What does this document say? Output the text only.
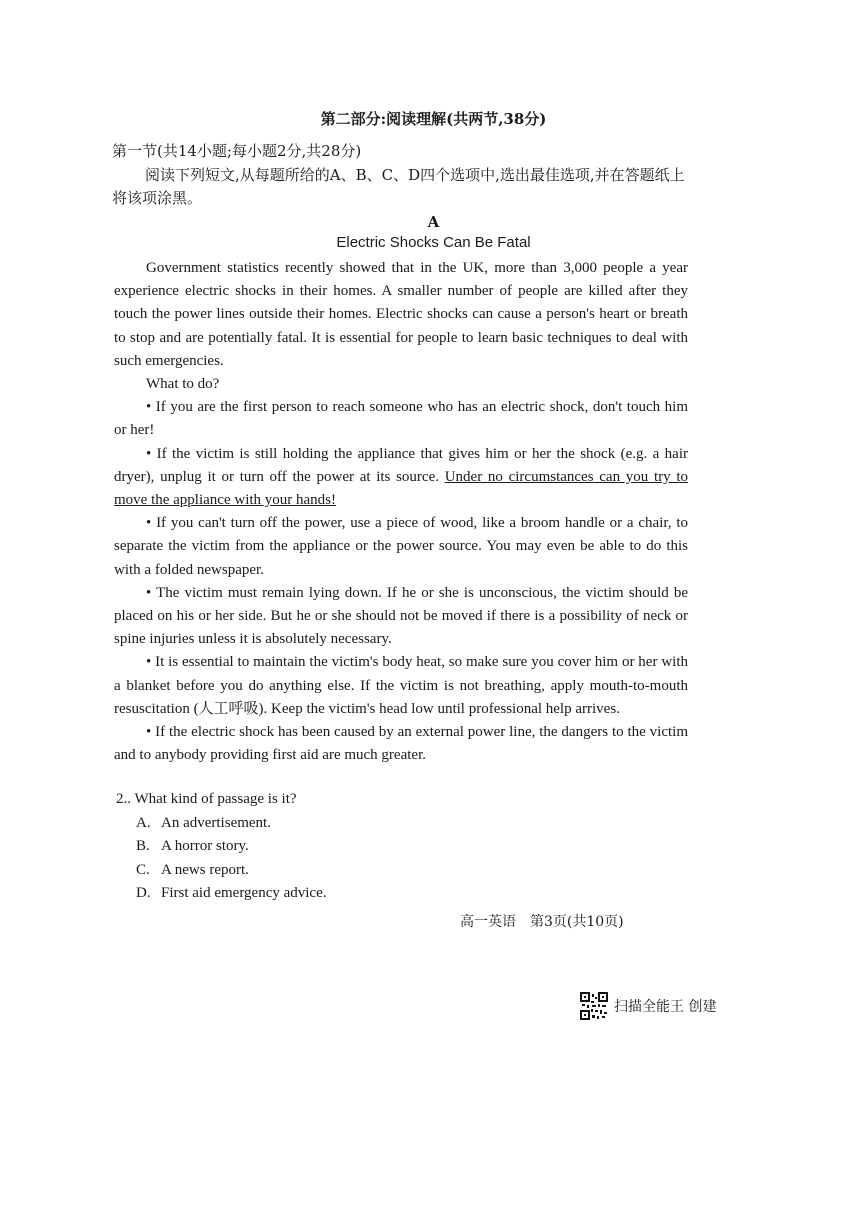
第二部分:阅读理解(共两节,38分)
第一节(共14小题;每小题2分,共28分)
阅读下列短文,从每题所给的A、B、C、D四个选项中,选出最佳选项,并在答题纸上将该项涂黑。
A
Electric Shocks Can Be Fatal

Government statistics recently showed that in the UK, more than 3,000 people a year experience electric shocks in their homes. A smaller number of people are killed after they touch the power lines outside their homes. Electric shocks can cause a person's heart or breath to stop and are potentially fatal. It is essential for people to learn basic techniques to deal with such emergencies.

What to do?

• If you are the first person to reach someone who has an electric shock, don't touch him or her!

• If the victim is still holding the appliance that gives him or her the shock (e.g. a hair dryer), unplug it or turn off the power at its source. Under no circumstances can you try to move the appliance with your hands!

• If you can't turn off the power, use a piece of wood, like a broom handle or a chair, to separate the victim from the appliance or the power source. You may even be able to do this with a folded newspaper.

• The victim must remain lying down. If he or she is unconscious, the victim should be placed on his or her side. But he or she should not be moved if there is a possibility of neck or spine injuries unless it is absolutely necessary.

• It is essential to maintain the victim's body heat, so make sure you cover him or her with a blanket before you do anything else. If the victim is not breathing, apply mouth-to-mouth resuscitation (人工呼吸). Keep the victim's head low until professional help arrives.

• If the electric shock has been caused by an external power line, the dangers to the victim and to anybody providing first aid are much greater.

2.. What kind of passage is it?
A. An advertisement.
B. A horror story.
C. A news report.
D. First aid emergency advice.
高一英语　第3页(共10页)
扫描全能王 创建
